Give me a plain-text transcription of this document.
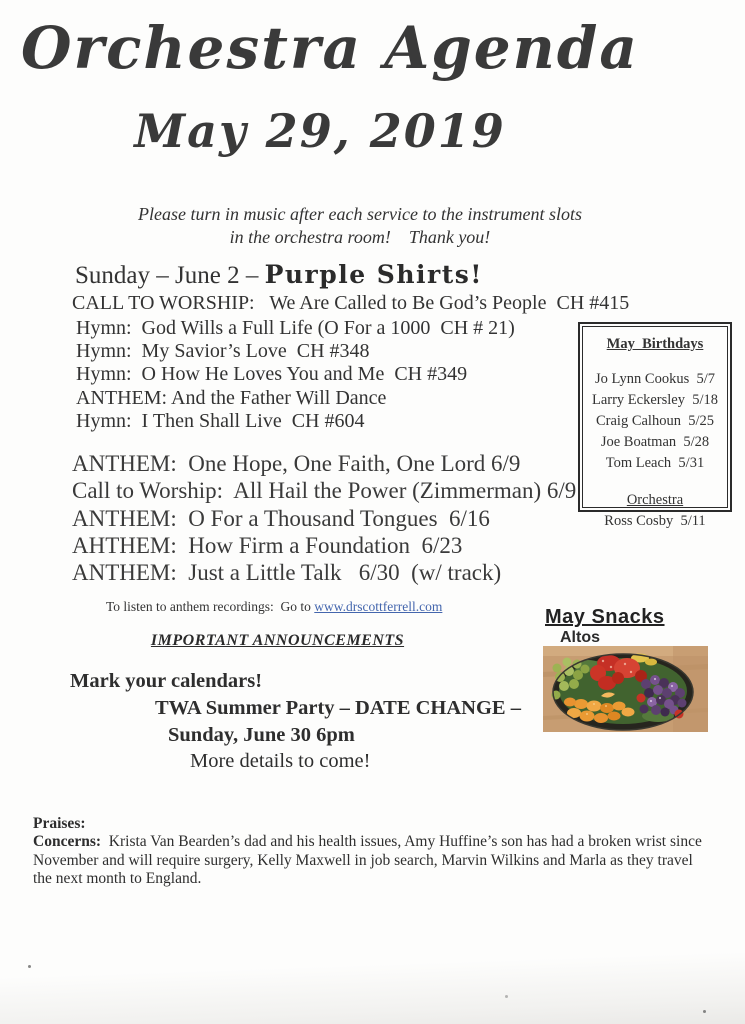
Orchestra Agenda
May 29, 2019
Please turn in music after each service to the instrument slots
in the orchestra room!    Thank you!
Sunday – June 2 – Purple Shirts!
CALL TO WORSHIP:   We Are Called to Be God’s People  CH #415
Hymn:  God Wills a Full Life (O For a 1000  CH # 21)
Hymn:  My Savior’s Love  CH #348
Hymn:  O How He Loves You and Me  CH #349
ANTHEM: And the Father Will Dance
Hymn:  I Then Shall Live  CH #604
ANTHEM:  One Hope, One Faith, One Lord 6/9
Call to Worship:  All Hail the Power (Zimmerman) 6/9
ANTHEM:  O For a Thousand Tongues  6/16
AHTHEM:  How Firm a Foundation  6/23
ANTHEM:  Just a Little Talk   6/30  (w/ track)
To listen to anthem recordings:  Go to www.drscottferrell.com
IMPORTANT ANNOUNCEMENTS
Mark your calendars!
TWA Summer Party – DATE CHANGE –
Sunday, June 30 6pm
More details to come!
May  Birthdays
Jo Lynn Cookus  5/7
Larry Eckersley  5/18
Craig Calhoun  5/25
Joe Boatman  5/28
Tom Leach  5/31
Orchestra
Ross Cosby  5/11
May Snacks
Altos
Praises:
Concerns:  Krista Van Bearden’s dad and his health issues, Amy Huffine’s son has had a broken wrist since November and will require surgery, Kelly Maxwell in job search, Marvin Wilkins and Marla as they travel the next month to England.
